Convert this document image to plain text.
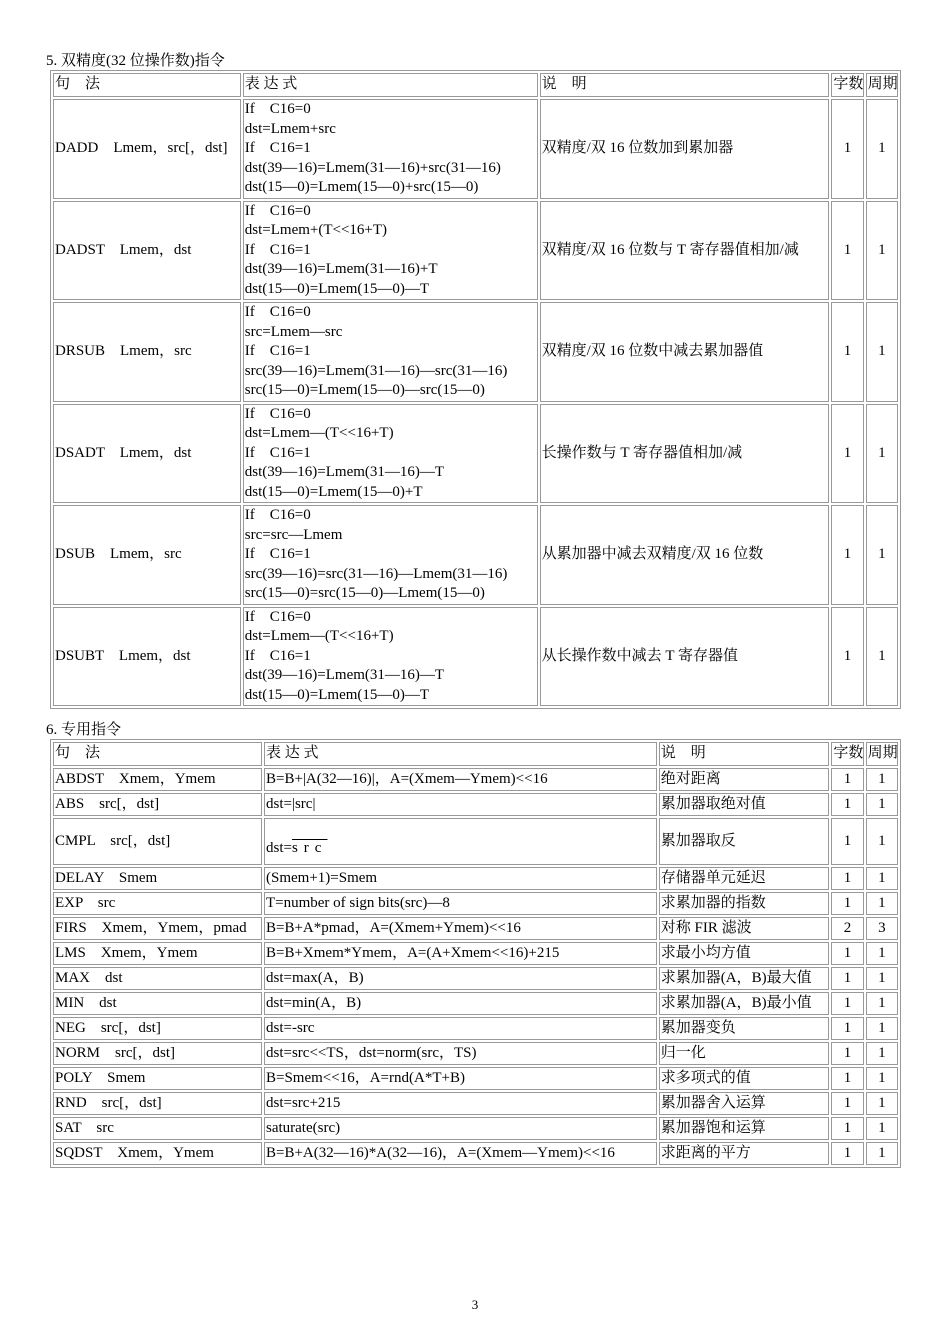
5. 双精度(32 位操作数)指令
句　法	表 达 式	说　明	字数	周期
DADD　Lmem，src[，dst]	If　C16=0
dst=Lmem+src
If　C16=1
dst(39—16)=Lmem(31—16)+src(31—16)
dst(15—0)=Lmem(15—0)+src(15—0)	双精度/双 16 位数加到累加器	1	1
DADST　Lmem，dst	If　C16=0
dst=Lmem+(T<<16+T)
If　C16=1
dst(39—16)=Lmem(31—16)+T
dst(15—0)=Lmem(15—0)—T	双精度/双 16 位数与 T 寄存器值相加/减	1	1
DRSUB　Lmem，src	If　C16=0
src=Lmem—src
If　C16=1
src(39—16)=Lmem(31—16)—src(31—16)
src(15—0)=Lmem(15—0)—src(15—0)	双精度/双 16 位数中减去累加器值	1	1
DSADT　Lmem，dst	If　C16=0
dst=Lmem—(T<<16+T)
If　C16=1
dst(39—16)=Lmem(31—16)—T
dst(15—0)=Lmem(15—0)+T	长操作数与 T 寄存器值相加/减	1	1
DSUB　Lmem，src	If　C16=0
src=src—Lmem
If　C16=1
src(39—16)=src(31—16)—Lmem(31—16)
src(15—0)=src(15—0)—Lmem(15—0)	从累加器中减去双精度/双 16 位数	1	1
DSUBT　Lmem，dst	If　C16=0
dst=Lmem—(T<<16+T)
If　C16=1
dst(39—16)=Lmem(31—16)—T
dst(15—0)=Lmem(15—0)—T	从长操作数中减去 T 寄存器值	1	1
6. 专用指令
句　法	表 达 式	说　明	字数	周期
ABDST　Xmem，Ymem	B=B+|A(32—16)|，A=(Xmem—Ymem)<<16	绝对距离	1	1
ABS　src[，dst]	dst=|src|	累加器取绝对值	1	1
CMPL　src[，dst]	$dst=\overline{src}$	累加器取反	1	1
DELAY　Smem	(Smem+1)=Smem	存储器单元延迟	1	1
EXP　src	T=number of sign bits(src)—8	求累加器的指数	1	1
FIRS　Xmem，Ymem，pmad	B=B+A*pmad，A=(Xmem+Ymem)<<16	对称 FIR 滤波	2	3
LMS　Xmem，Ymem	B=B+Xmem*Ymem，A=(A+Xmem<<16)+215	求最小均方值	1	1
MAX　dst	dst=max(A，B)	求累加器(A，B)最大值	1	1
MIN　dst	dst=min(A，B)	求累加器(A，B)最小值	1	1
NEG　src[，dst]	dst=-src	累加器变负	1	1
NORM　src[，dst]	dst=src<<TS，dst=norm(src，TS)	归一化	1	1
POLY　Smem	B=Smem<<16，A=rnd(A*T+B)	求多项式的值	1	1
RND　src[，dst]	dst=src+215	累加器舍入运算	1	1
SAT　src	saturate(src)	累加器饱和运算	1	1
SQDST　Xmem，Ymem	B=B+A(32—16)*A(32—16)，A=(Xmem—Ymem)<<16	求距离的平方	1	1
3
